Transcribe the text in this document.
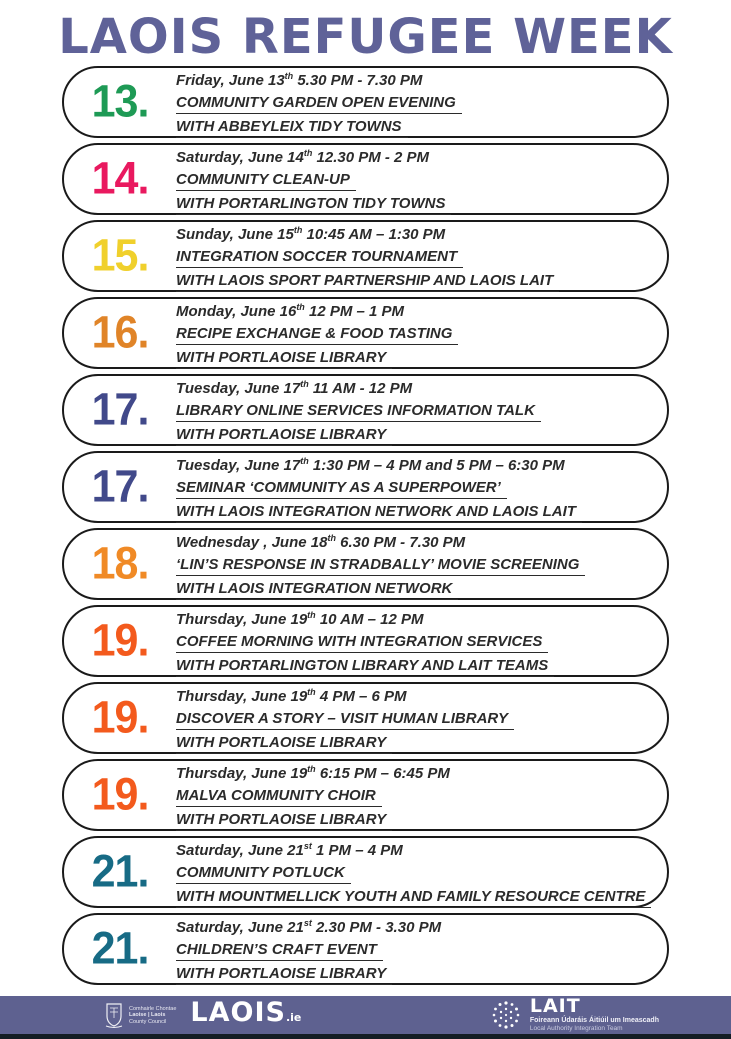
LAOIS REFUGEE WEEK
13.	Friday, June 13th 5.30 PM - 7.30 PM
COMMUNITY GARDEN OPEN EVENING
WITH ABBEYLEIX TIDY TOWNS
14.	Saturday, June 14th 12.30 PM - 2 PM
COMMUNITY CLEAN-UP
WITH PORTARLINGTON TIDY TOWNS
15.	Sunday, June 15th 10:45 AM – 1:30 PM
INTEGRATION SOCCER TOURNAMENT
WITH LAOIS SPORT PARTNERSHIP AND LAOIS LAIT
16.	Monday, June 16th 12 PM – 1 PM
RECIPE EXCHANGE & FOOD TASTING
WITH PORTLAOISE LIBRARY
17.	Tuesday, June 17th 11 AM - 12 PM
LIBRARY ONLINE SERVICES INFORMATION TALK
WITH PORTLAOISE LIBRARY
17.	Tuesday, June 17th 1:30 PM – 4 PM and 5 PM – 6:30 PM
SEMINAR ‘COMMUNITY AS A SUPERPOWER’
WITH LAOIS INTEGRATION NETWORK AND LAOIS LAIT
18.	Wednesday , June 18th 6.30 PM - 7.30 PM
‘LIN’S RESPONSE IN STRADBALLY’ MOVIE SCREENING
WITH LAOIS INTEGRATION NETWORK
19.	Thursday, June 19th 10 AM – 12 PM
COFFEE MORNING WITH INTEGRATION SERVICES
WITH PORTARLINGTON LIBRARY AND LAIT TEAMS
19.	Thursday, June 19th 4 PM – 6 PM
DISCOVER A STORY – VISIT HUMAN LIBRARY
WITH PORTLAOISE LIBRARY
19.	Thursday, June 19th 6:15 PM – 6:45 PM
MALVA COMMUNITY CHOIR
WITH PORTLAOISE LIBRARY
21.	Saturday, June 21st 1 PM – 4 PM
COMMUNITY POTLUCK
WITH MOUNTMELLICK YOUTH AND FAMILY RESOURCE CENTRE
21.	Saturday, June 21st 2.30 PM - 3.30 PM
CHILDREN’S CRAFT EVENT
WITH PORTLAOISE LIBRARY
Comhairle Chontae
Laoise | Laois
County Council LAOIS.ie
LAIT
Foireann Údaráis Áitiúil um Imeascadh
Local Authority Integration Team
